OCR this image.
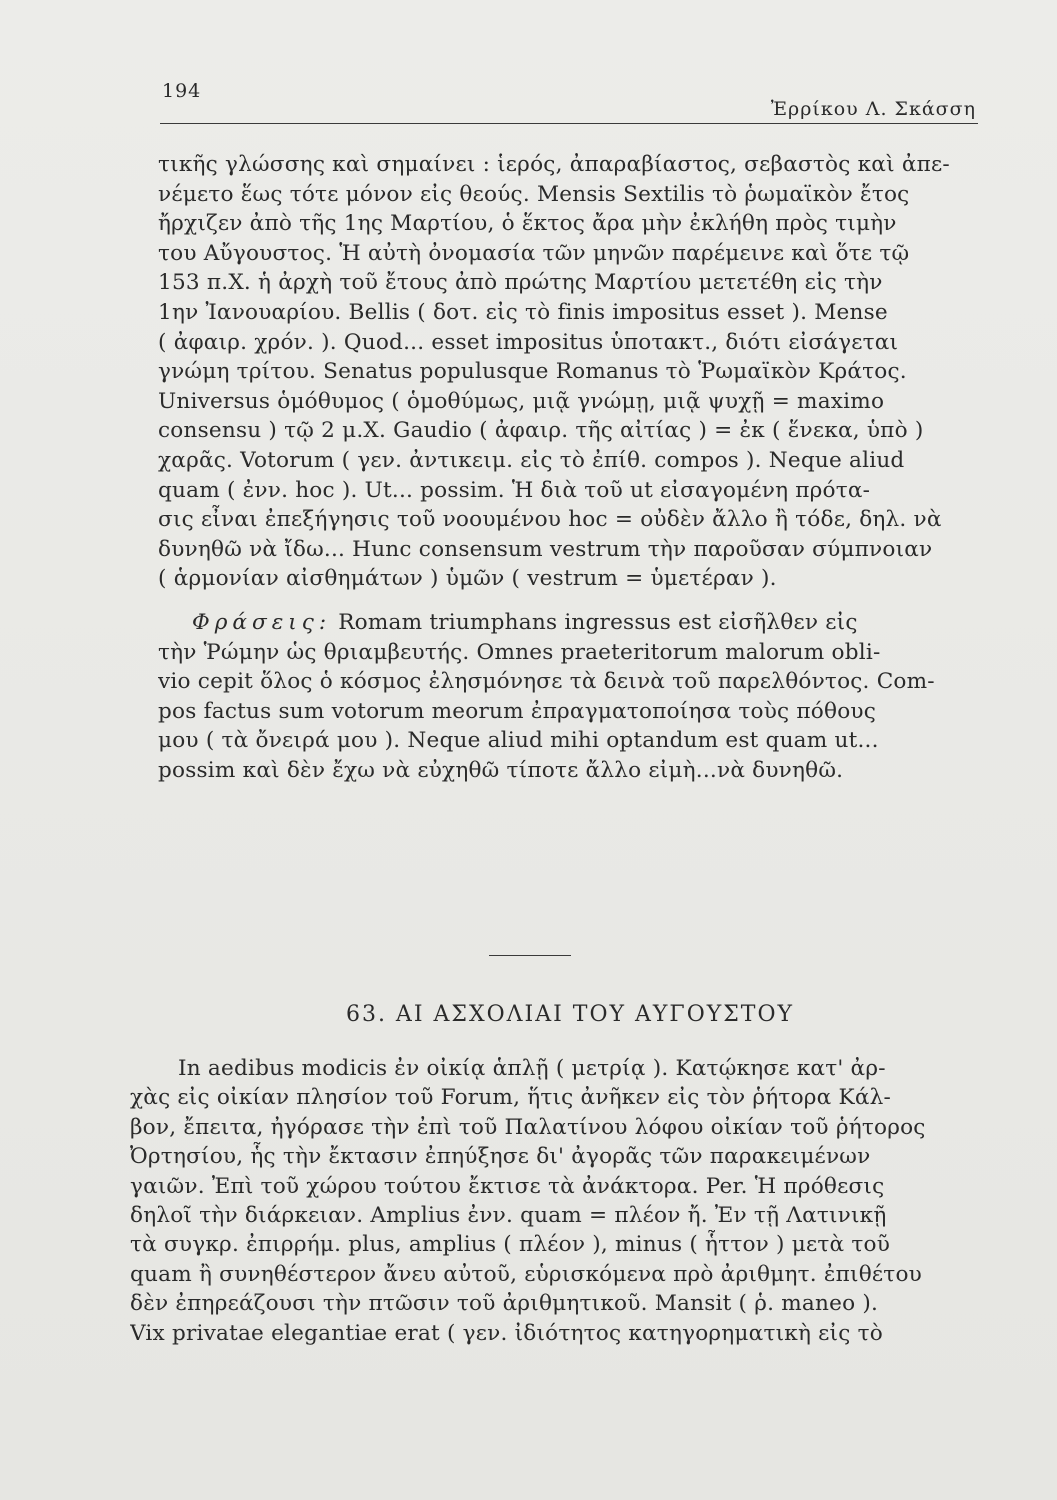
194
Ἐρρίκου Λ. Σκάσση
τικῆς γλώσσης καὶ σημαίνει : ἱερός, ἀπαραβίαστος, σεβαστὸς καὶ ἀπε-
νέμετο ἕως τότε μόνον εἰς θεούς. Mensis Sextilis τὸ ῥωμαϊκὸν ἔτος
ἤρχιζεν ἀπὸ τῆς 1ης Μαρτίου, ὁ ἕκτος ἄρα μὴν ἐκλήθη πρὸς τιμὴν
του Αὔγουστος. Ἡ αὐτὴ ὀνομασία τῶν μηνῶν παρέμεινε καὶ ὅτε τῷ
153 π.Χ. ἡ ἀρχὴ τοῦ ἔτους ἀπὸ πρώτης Μαρτίου μετετέθη εἰς τὴν
1ην Ἰανουαρίου. Bellis ( δοτ. εἰς τὸ finis impositus esset ). Mense
( ἀφαιρ. χρόν. ). Quod... esset impositus ὑποτακτ., διότι εἰσάγεται
γνώμη τρίτου. Senatus populusque Romanus τὸ Ῥωμαϊκὸν Κράτος.
Universus ὁμόθυμος ( ὁμοθύμως, μιᾷ γνώμῃ, μιᾷ ψυχῇ = maximo
consensu ) τῷ 2 μ.Χ. Gaudio ( ἀφαιρ. τῆς αἰτίας ) = ἐκ ( ἕνεκα, ὑπὸ )
χαρᾶς. Votorum ( γεν. ἀντικειμ. εἰς τὸ ἐπίθ. compos ). Neque aliud
quam ( ἐνν. hoc ). Ut... possim. Ἡ διὰ τοῦ ut εἰσαγομένη πρότα-
σις εἶναι ἐπεξήγησις τοῦ νοουμένου hoc = οὐδὲν ἄλλο ἢ τόδε, δηλ. νὰ
δυνηθῶ νὰ ἴδω... Hunc consensum vestrum τὴν παροῦσαν σύμπνοιαν
( ἁρμονίαν αἰσθημάτων ) ὑμῶν ( vestrum = ὑμετέραν ).
Φράσεις: Romam triumphans ingressus est εἰσῆλθεν εἰς
τὴν Ῥώμην ὡς θριαμβευτής. Omnes praeteritorum malorum obli-
vio cepit ὅλος ὁ κόσμος ἐλησμόνησε τὰ δεινὰ τοῦ παρελθόντος. Com-
pos factus sum votorum meorum ἐπραγματοποίησα τοὺς πόθους
μου ( τὰ ὄνειρά μου ). Neque aliud mihi optandum est quam ut...
possim καὶ δὲν ἔχω νὰ εὐχηθῶ τίποτε ἄλλο εἰμὴ...νὰ δυνηθῶ.
63. ΑΙ ΑΣΧΟΛΙΑΙ ΤΟΥ ΑΥΓΟΥΣΤΟΥ
In aedibus modicis ἐν οἰκίᾳ ἁπλῇ ( μετρίᾳ ). Κατῴκησε κατ' ἀρ-
χὰς εἰς οἰκίαν πλησίον τοῦ Forum, ἥτις ἀνῆκεν εἰς τὸν ῥήτορα Κάλ-
βον, ἔπειτα, ἠγόρασε τὴν ἐπὶ τοῦ Παλατίνου λόφου οἰκίαν τοῦ ῥήτορος
Ὀρτησίου, ἧς τὴν ἔκτασιν ἐπηύξησε δι' ἀγορᾶς τῶν παρακειμένων
γαιῶν. Ἐπὶ τοῦ χώρου τούτου ἔκτισε τὰ ἀνάκτορα. Per. Ἡ πρόθεσις
δηλοῖ τὴν διάρκειαν. Amplius ἐνν. quam = πλέον ἤ. Ἐν τῇ Λατινικῇ
τὰ συγκρ. ἐπιρρήμ. plus, amplius ( πλέον ), minus ( ἧττον ) μετὰ τοῦ
quam ἢ συνηθέστερον ἄνευ αὐτοῦ, εὑρισκόμενα πρὸ ἀριθμητ. ἐπιθέτου
δὲν ἐπηρεάζουσι τὴν πτῶσιν τοῦ ἀριθμητικοῦ. Mansit ( ῥ. maneo ).
Vix privatae elegantiae erat ( γεν. ἰδιότητος κατηγορηματικὴ εἰς τὸ
